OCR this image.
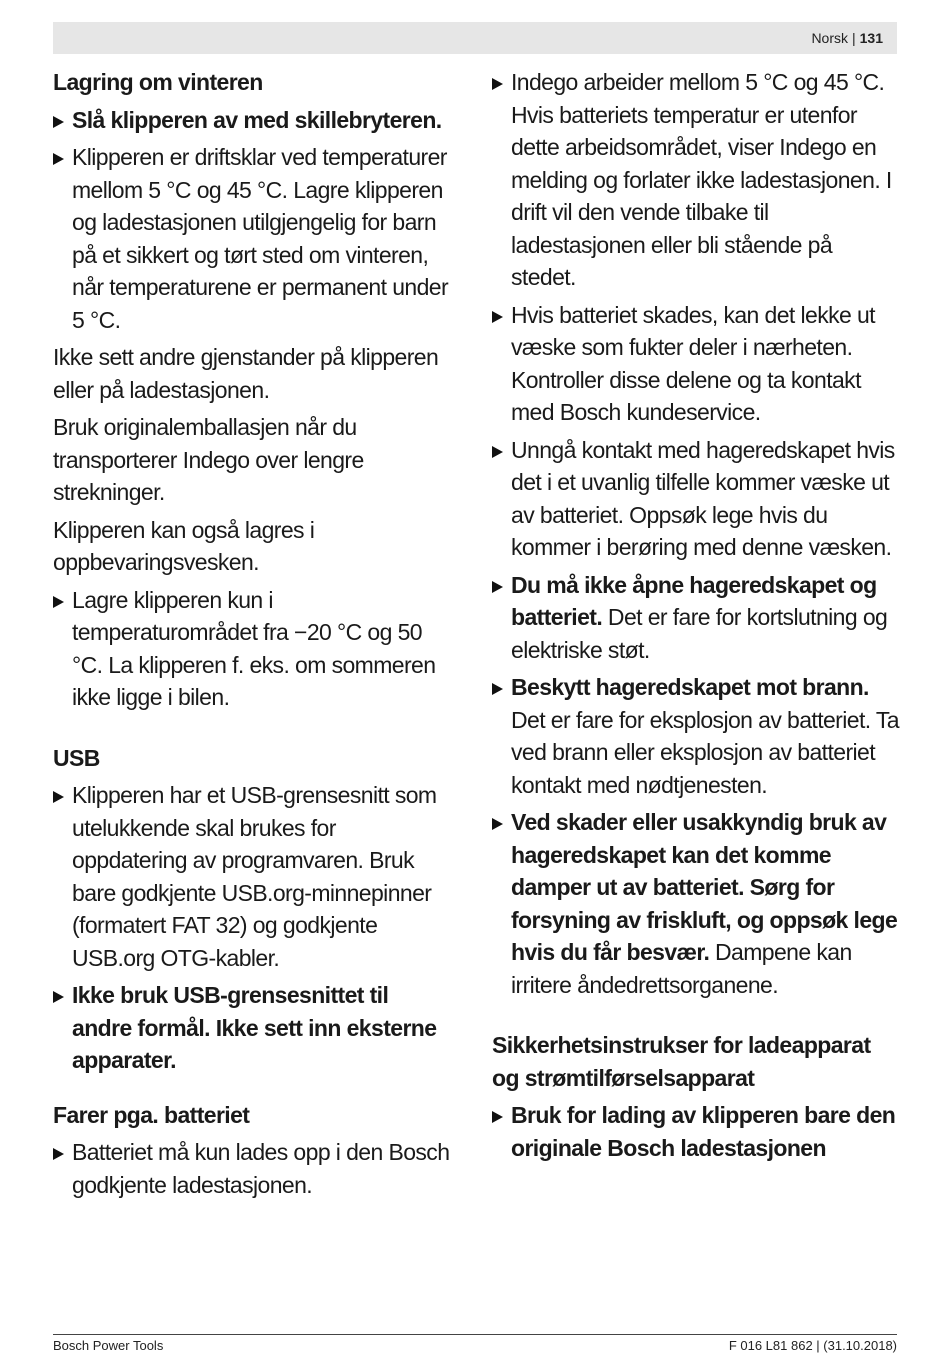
Norsk | 131
Lagring om vinteren

Slå klipperen av med skillebryteren.

Klipperen er driftsklar ved temperaturer mellom 5 °C og 45 °C. Lagre klipperen og ladestasjonen utilgjengelig for barn på et sikkert og tørt sted om vinteren, når temperaturene er permanent under 5 °C.

Ikke sett andre gjenstander på klipperen eller på ladestasjonen.

Bruk originalemballasjen når du transporterer Indego over lengre strekninger.

Klipperen kan også lagres i oppbevaringsvesken.

Lagre klipperen kun i temperaturområdet fra −20 °C og 50 °C. La klipperen f. eks. om sommeren ikke ligge i bilen.

USB

Klipperen har et USB-grensesnitt som utelukkende skal brukes for oppdatering av programvaren. Bruk bare godkjente USB.org-minnepinner (formatert FAT 32) og godkjente USB.org OTG-kabler.

Ikke bruk USB-grensesnittet til andre formål. Ikke sett inn eksterne apparater.

Farer pga. batteriet

Batteriet må kun lades opp i den Bosch godkjente ladestasjonen.

Indego arbeider mellom 5 °C og 45 °C. Hvis batteriets temperatur er utenfor dette arbeidsområdet, viser Indego en melding og forlater ikke ladestasjonen. I drift vil den vende tilbake til ladestasjonen eller bli stående på stedet.

Hvis batteriet skades, kan det lekke ut væske som fukter deler i nærheten. Kontroller disse delene og ta kontakt med Bosch kundeservice.

Unngå kontakt med hageredskapet hvis det i et uvanlig tilfelle kommer væske ut av batteriet. Oppsøk lege hvis du kommer i berøring med denne væsken.

Du må ikke åpne hageredskapet og batteriet. Det er fare for kortslutning og elektriske støt.

Beskytt hageredskapet mot brann. Det er fare for eksplosjon av batteriet. Ta ved brann eller eksplosjon av batteriet kontakt med nødtjenesten.

Ved skader eller usakkyndig bruk av hageredskapet kan det komme damper ut av batteriet. Sørg for forsyning av friskluft, og oppsøk lege hvis du får besvær. Dampene kan irritere åndedrettsorganene.

Sikkerhetsinstrukser for ladeapparat og strømtilførselsapparat

Bruk for lading av klipperen bare den originale Bosch ladestasjonen

Bosch Power Tools	F 016 L81 862 | (31.10.2018)
